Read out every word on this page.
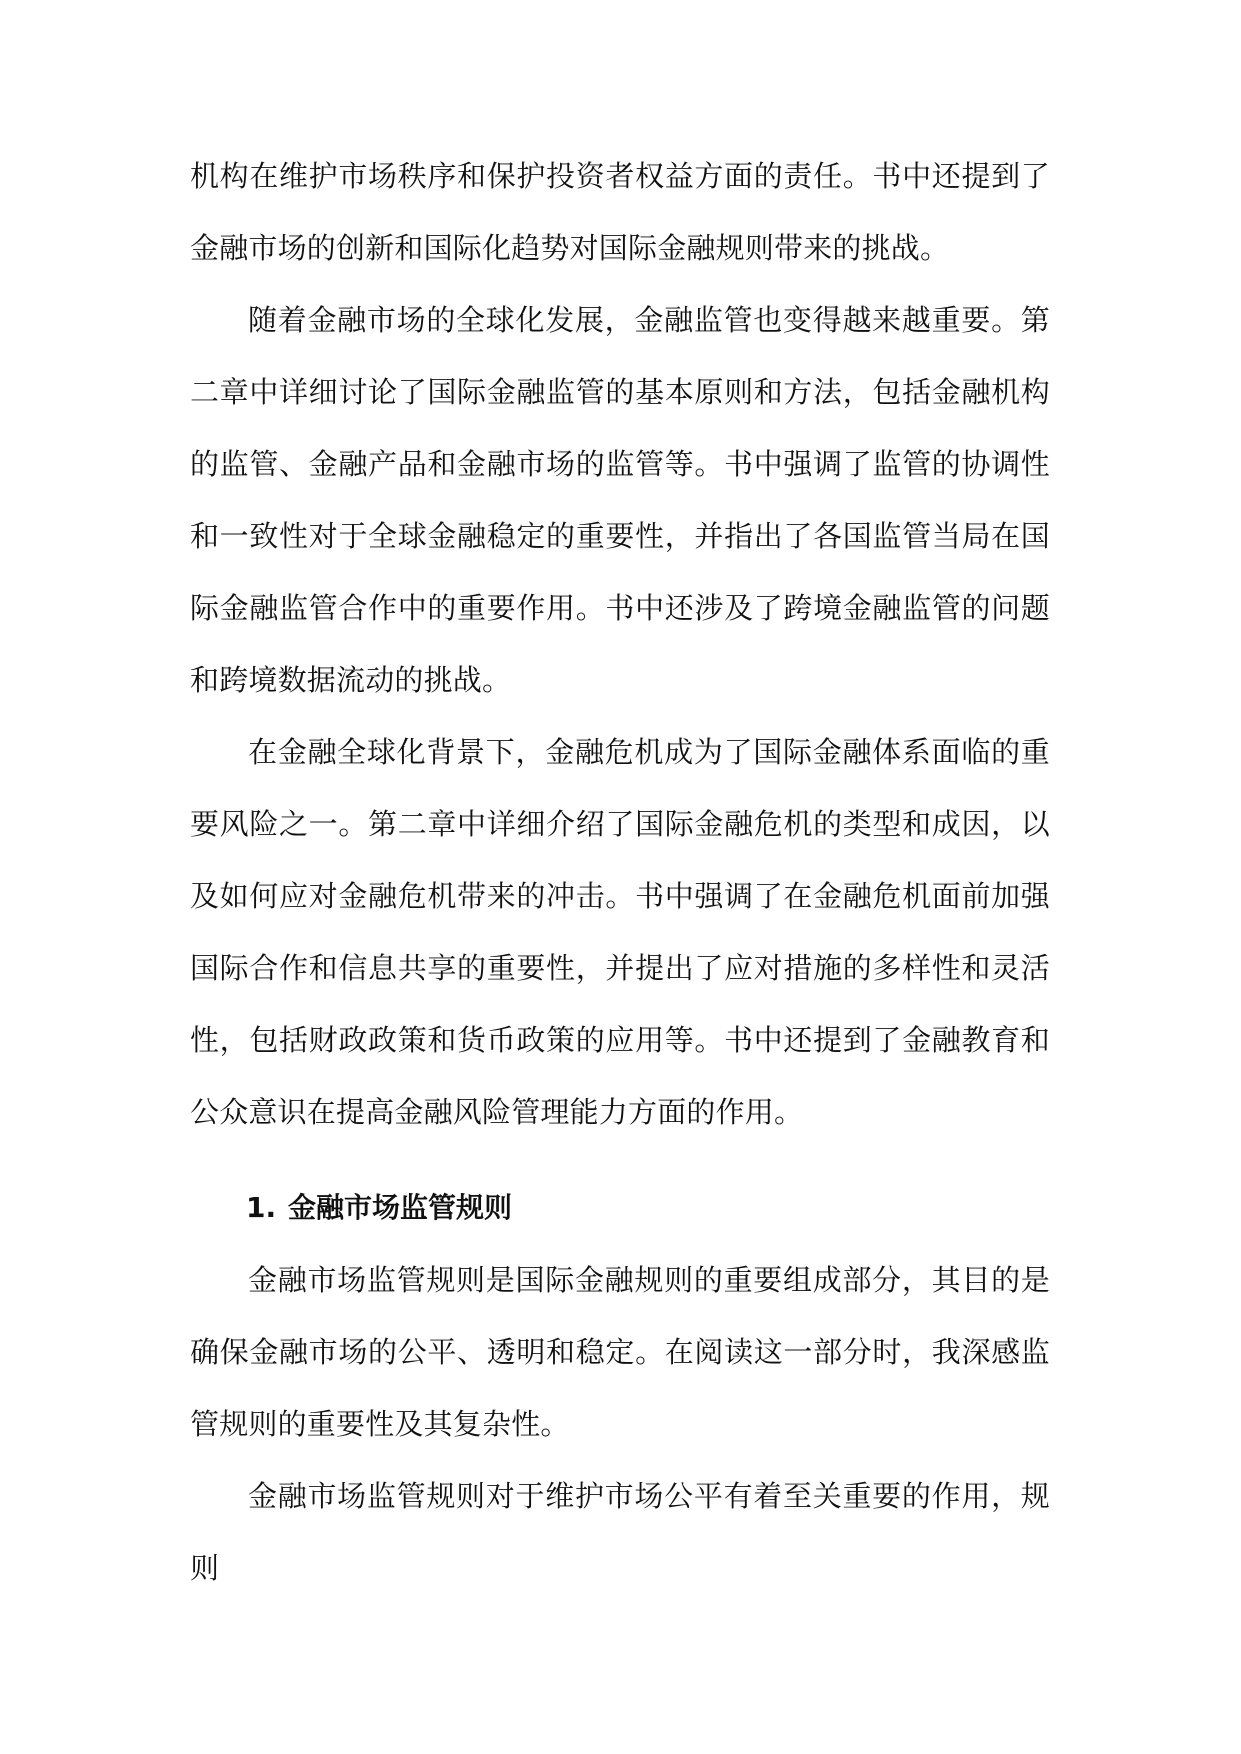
机构在维护市场秩序和保护投资者权益方面的责任。书中还提到了金融市场的创新和国际化趋势对国际金融规则带来的挑战。

随着金融市场的全球化发展，金融监管也变得越来越重要。第二章中详细讨论了国际金融监管的基本原则和方法，包括金融机构的监管、金融产品和金融市场的监管等。书中强调了监管的协调性和一致性对于全球金融稳定的重要性，并指出了各国监管当局在国际金融监管合作中的重要作用。书中还涉及了跨境金融监管的问题和跨境数据流动的挑战。

在金融全球化背景下，金融危机成为了国际金融体系面临的重要风险之一。第二章中详细介绍了国际金融危机的类型和成因，以及如何应对金融危机带来的冲击。书中强调了在金融危机面前加强国际合作和信息共享的重要性，并提出了应对措施的多样性和灵活性，包括财政政策和货币政策的应用等。书中还提到了金融教育和公众意识在提高金融风险管理能力方面的作用。

1. 金融市场监管规则

金融市场监管规则是国际金融规则的重要组成部分，其目的是确保金融市场的公平、透明和稳定。在阅读这一部分时，我深感监管规则的重要性及其复杂性。

金融市场监管规则对于维护市场公平有着至关重要的作用，规则
